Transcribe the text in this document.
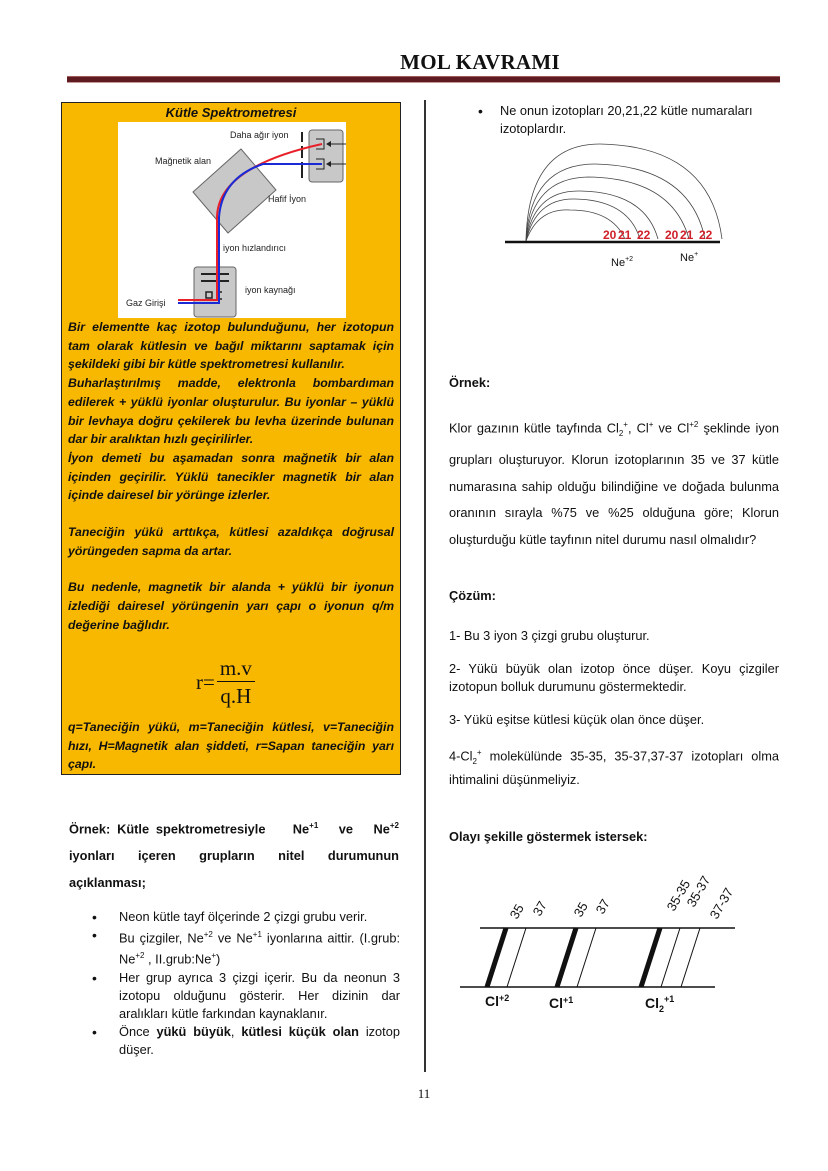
MOL KAVRAMI
Kütle Spektrometresi
Daha ağır iyon
Mağnetik alan
Hafif İyon
iyon hızlandırıcı
iyon kaynağı
Gaz Girişi

Bir elementte kaç izotop bulunduğunu, her izotopun tam olarak kütlesin ve bağıl miktarını saptamak için şekildeki gibi bir kütle spektrometresi kullanılır.

Buharlaştırılmış madde, elektronla bombardıman edilerek + yüklü iyonlar oluşturulur. Bu iyonlar – yüklü bir levhaya doğru çekilerek bu levha üzerinde bulunan dar bir aralıktan hızlı geçirilirler.

İyon demeti bu aşamadan sonra mağnetik bir alan içinden geçirilir. Yüklü tanecikler magnetik bir alan içinde dairesel bir yörünge izlerler.

Taneciğin yükü arttıkça, kütlesi azaldıkça doğrusal yörüngeden sapma da artar.

Bu nedenle, magnetik bir alanda + yüklü bir iyonun izlediği dairesel yörüngenin yarı çapı o iyonun q/m değerine bağlıdır.

$r= \frac{m.v}{q.H}$
q=Taneciğin yükü, m=Taneciğin kütlesi, v=Taneciğin hızı, H=Magnetik alan şiddeti, r=Sapan taneciğin yarı çapı.
Örnek: Kütle spektrometresiyle $Ne^{+1}$ ve $Ne^{+2}$ iyonları içeren grupların nitel durumunun açıklanması;
• Neon kütle tayf ölçerinde 2 çizgi grubu verir.
• Bu çizgiler, $Ne^{+2}$ ve $Ne^{+1}$ iyonlarına aittir. (I.grub: $Ne^{+2}$ , II.grub:Ne+)
• Her grup ayrıca 3 çizgi içerir. Bu da neonun 3 izotopu olduğunu gösterir. Her dizinin dar aralıkları kütle farkından kaynaklanır.
• Önce yükü büyük, kütlesi küçük olan izotop düşer.
• Ne onun izotopları 20,21,22 kütle numaraları izotoplardır.
20 21 22 20 21 22
$Ne^{+2}$	Ne+
Örnek:
Klor gazının kütle tayfında $Cl_2^+$, Cl+ ve $Cl^{+2}$ şeklinde iyon grupları oluşturuyor. Klorun izotoplarının 35 ve 37 kütle numarasına sahip olduğu bilindiğine ve doğada bulunma oranının sırayla %75 ve %25 olduğuna göre; Klorun oluşturduğu kütle tayfının nitel durumu nasıl olmalıdır?
Çözüm:
1- Bu 3 iyon 3 çizgi grubu oluşturur.
2- Yükü büyük olan izotop önce düşer. Koyu çizgiler izotopun bolluk durumunu göstermektedir.
3- Yükü eşitse kütlesi küçük olan önce düşer.
$4-Cl_2^+$ molekülünde 35-35, 35-37,37-37 izotopları olma ihtimalini düşünmeliyiz.
Olayı şekille göstermek istersek:
35 37 35 37	35-35
35-37
37-37
$Cl^{+2}$	$Cl^{+1}$	$Cl_2^{+1}$
11
